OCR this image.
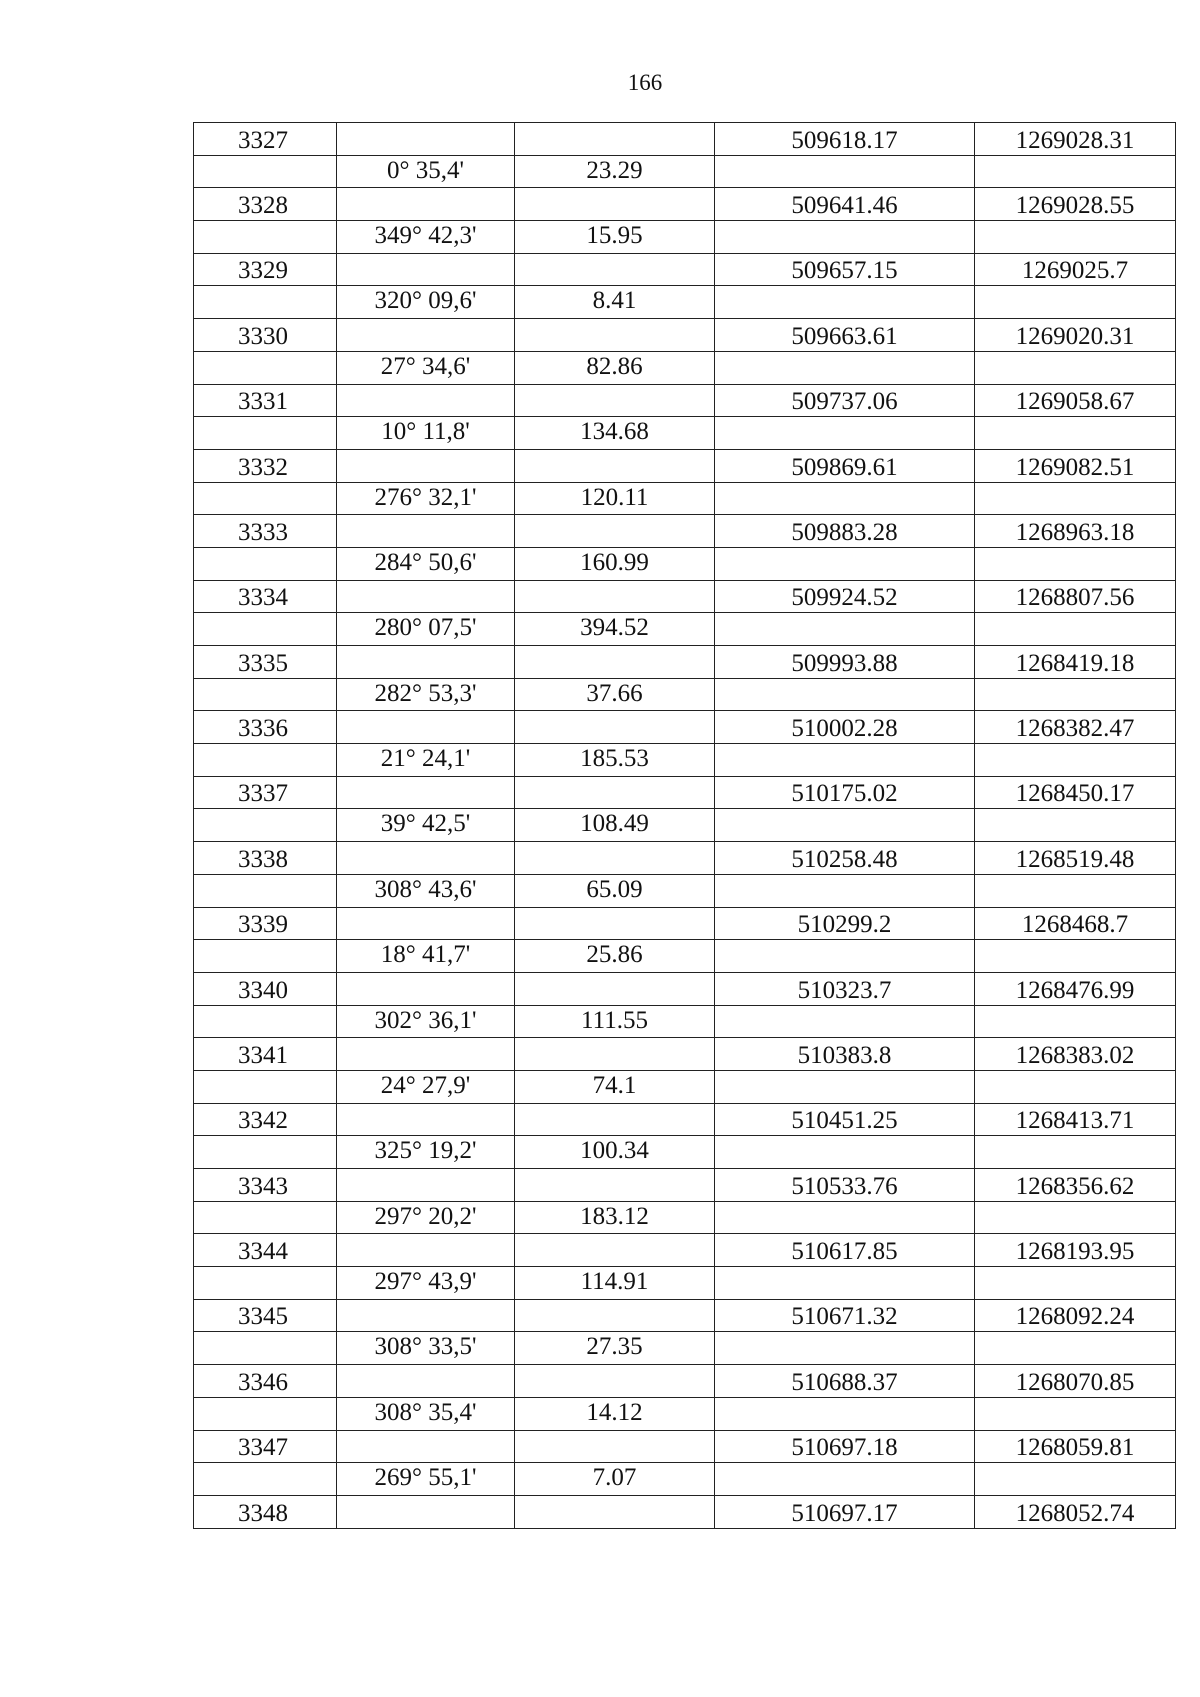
166
3327			509618.17	1269028.31
	0° 35,4'	23.29		
3328			509641.46	1269028.55
	349° 42,3'	15.95		
3329			509657.15	1269025.7
	320° 09,6'	8.41		
3330			509663.61	1269020.31
	27° 34,6'	82.86		
3331			509737.06	1269058.67
	10° 11,8'	134.68		
3332			509869.61	1269082.51
	276° 32,1'	120.11		
3333			509883.28	1268963.18
	284° 50,6'	160.99		
3334			509924.52	1268807.56
	280° 07,5'	394.52		
3335			509993.88	1268419.18
	282° 53,3'	37.66		
3336			510002.28	1268382.47
	21° 24,1'	185.53		
3337			510175.02	1268450.17
	39° 42,5'	108.49		
3338			510258.48	1268519.48
	308° 43,6'	65.09		
3339			510299.2	1268468.7
	18° 41,7'	25.86		
3340			510323.7	1268476.99
	302° 36,1'	111.55		
3341			510383.8	1268383.02
	24° 27,9'	74.1		
3342			510451.25	1268413.71
	325° 19,2'	100.34		
3343			510533.76	1268356.62
	297° 20,2'	183.12		
3344			510617.85	1268193.95
	297° 43,9'	114.91		
3345			510671.32	1268092.24
	308° 33,5'	27.35		
3346			510688.37	1268070.85
	308° 35,4'	14.12		
3347			510697.18	1268059.81
	269° 55,1'	7.07		
3348			510697.17	1268052.74
